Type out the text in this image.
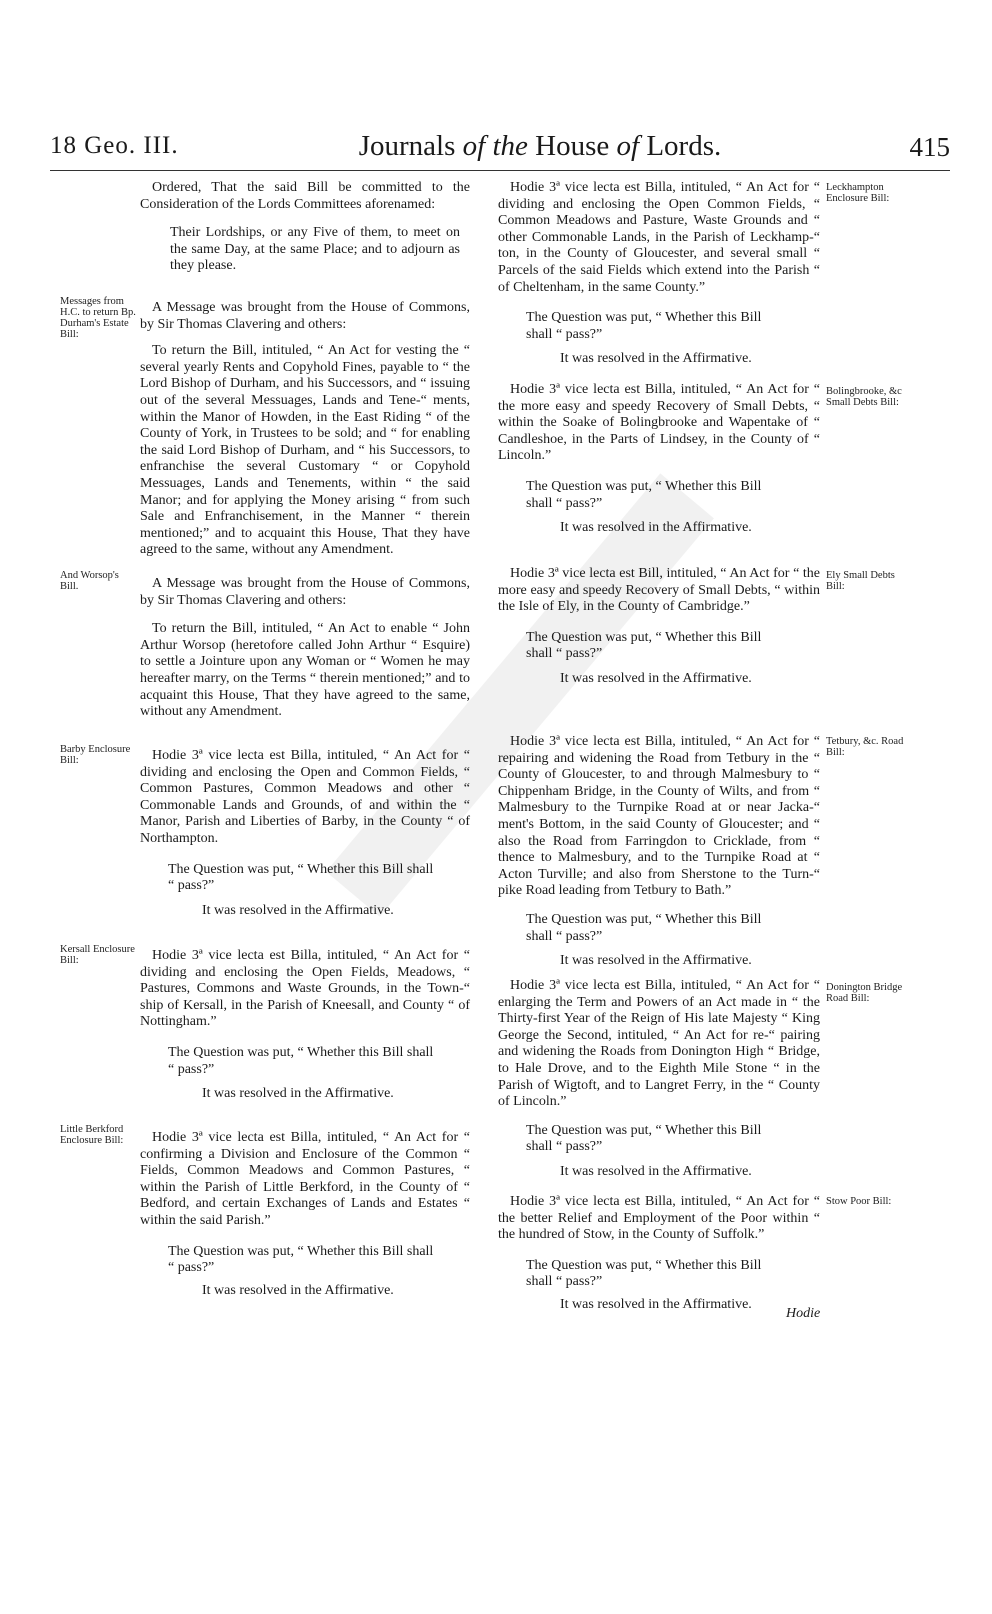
18 Geo. III.	Journals of the House of Lords.	415
Messages from H.C. to return Bp. Durham's Estate Bill:
And Worsop's Bill.
Barby Enclosure Bill:
Kersall Enclosure Bill:
Little Berkford Enclosure Bill:

Ordered, That the said Bill be committed to the Consideration of the Lords Committees aforenamed:

Their Lordships, or any Five of them, to meet on the same Day, at the same Place; and to adjourn as they please.

A Message was brought from the House of Commons, by Sir Thomas Clavering and others:

To return the Bill, intituled, “ An Act for vesting the “ several yearly Rents and Copyhold Fines, payable to “ the Lord Bishop of Durham, and his Successors, and “ issuing out of the several Messuages, Lands and Tene-“ ments, within the Manor of Howden, in the East Riding “ of the County of York, in Trustees to be sold; and “ for enabling the said Lord Bishop of Durham, and “ his Successors, to enfranchise the several Customary “ or Copyhold Messuages, Lands and Tenements, within “ the said Manor; and for applying the Money arising “ from such Sale and Enfranchisement, in the Manner “ therein mentioned;” and to acquaint this House, That they have agreed to the same, without any Amendment.

A Message was brought from the House of Commons, by Sir Thomas Clavering and others:

To return the Bill, intituled, “ An Act to enable “ John Arthur Worsop (heretofore called John Arthur “ Esquire) to settle a Jointure upon any Woman or “ Women he may hereafter marry, on the Terms “ therein mentioned;” and to acquaint this House, That they have agreed to the same, without any Amendment.

Hodie 3ª vice lecta est Billa, intituled, “ An Act for “ dividing and enclosing the Open and Common Fields, “ Common Pastures, Common Meadows and other “ Commonable Lands and Grounds, of and within the “ Manor, Parish and Liberties of Barby, in the County “ of Northampton.

The Question was put, “ Whether this Bill shall “ pass?”

It was resolved in the Affirmative.

Hodie 3ª vice lecta est Billa, intituled, “ An Act for “ dividing and enclosing the Open Fields, Meadows, “ Pastures, Commons and Waste Grounds, in the Town-“ ship of Kersall, in the Parish of Kneesall, and County “ of Nottingham.”

The Question was put, “ Whether this Bill shall “ pass?”

It was resolved in the Affirmative.

Hodie 3ª vice lecta est Billa, intituled, “ An Act for “ confirming a Division and Enclosure of the Common “ Fields, Common Meadows and Common Pastures, “ within the Parish of Little Berkford, in the County of “ Bedford, and certain Exchanges of Lands and Estates “ within the said Parish.”

The Question was put, “ Whether this Bill shall “ pass?”

It was resolved in the Affirmative.

Hodie 3ª vice lecta est Billa, intituled, “ An Act for “ dividing and enclosing the Open Common Fields, “ Common Meadows and Pasture, Waste Grounds and “ other Commonable Lands, in the Parish of Leckhamp-“ ton, in the County of Gloucester, and several small “ Parcels of the said Fields which extend into the Parish “ of Cheltenham, in the same County.”

The Question was put, “ Whether this Bill shall “ pass?”

It was resolved in the Affirmative.

Hodie 3ª vice lecta est Billa, intituled, “ An Act for “ the more easy and speedy Recovery of Small Debts, “ within the Soake of Bolingbrooke and Wapentake of “ Candleshoe, in the Parts of Lindsey, in the County of “ Lincoln.”

The Question was put, “ Whether this Bill shall “ pass?”

It was resolved in the Affirmative.

Hodie 3ª vice lecta est Bill, intituled, “ An Act for “ the more easy and speedy Recovery of Small Debts, “ within the Isle of Ely, in the County of Cambridge.”

The Question was put, “ Whether this Bill shall “ pass?”

It was resolved in the Affirmative.

Hodie 3ª vice lecta est Billa, intituled, “ An Act for “ repairing and widening the Road from Tetbury in the “ County of Gloucester, to and through Malmesbury to “ Chippenham Bridge, in the County of Wilts, and from “ Malmesbury to the Turnpike Road at or near Jacka-“ ment's Bottom, in the said County of Gloucester; and “ also the Road from Farringdon to Cricklade, from “ thence to Malmesbury, and to the Turnpike Road at “ Acton Turville; and also from Sherstone to the Turn-“ pike Road leading from Tetbury to Bath.”

The Question was put, “ Whether this Bill shall “ pass?”

It was resolved in the Affirmative.

Hodie 3ª vice lecta est Billa, intituled, “ An Act for “ enlarging the Term and Powers of an Act made in “ the Thirty-first Year of the Reign of His late Majesty “ King George the Second, intituled, “ An Act for re-“ pairing and widening the Roads from Donington High “ Bridge, to Hale Drove, and to the Eighth Mile Stone “ in the Parish of Wigtoft, and to Langret Ferry, in the “ County of Lincoln.”

The Question was put, “ Whether this Bill shall “ pass?”

It was resolved in the Affirmative.

Hodie 3ª vice lecta est Billa, intituled, “ An Act for “ the better Relief and Employment of the Poor within “ the hundred of Stow, in the County of Suffolk.”

The Question was put, “ Whether this Bill shall “ pass?”

It was resolved in the Affirmative.

Leckhampton Enclosure Bill:
Bolingbrooke, &c Small Debts Bill:
Ely Small Debts Bill:
Tetbury, &c. Road Bill:
Donington Bridge Road Bill:
Stow Poor Bill:
Hodie
